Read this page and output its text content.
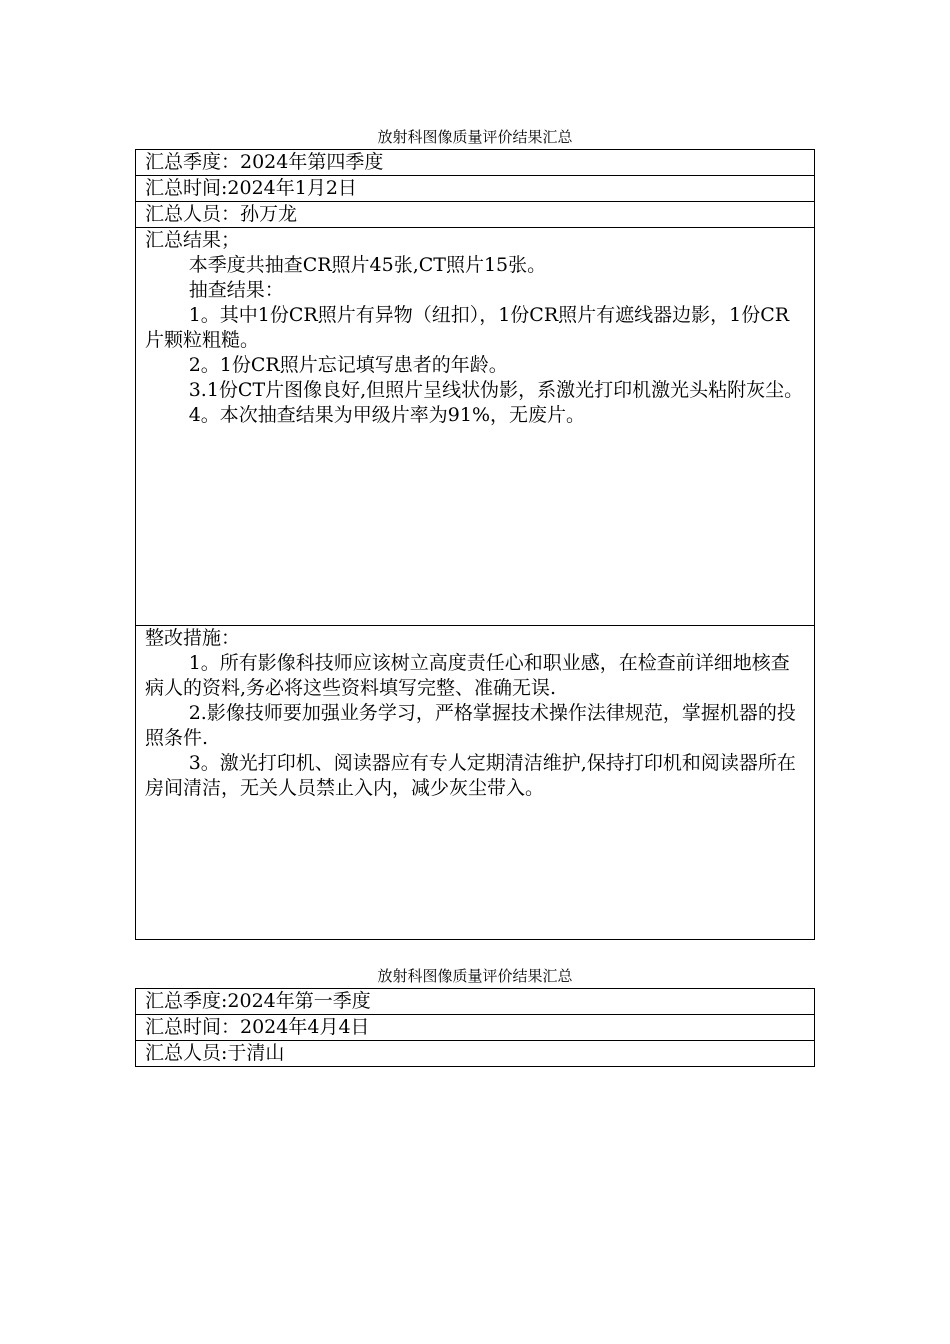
放射科图像质量评价结果汇总
汇总季度：2024年第四季度
汇总时间:2024年1月2日
汇总人员：孙万龙

汇总结果；

本季度共抽查CR照片45张,CT照片15张。

抽查结果：

1。其中1份CR照片有异物（纽扣），1份CR照片有遮线器边影，1份CR片颗粒粗糙。

2。1份CR照片忘记填写患者的年龄。

3.1份CT片图像良好,但照片呈线状伪影，系激光打印机激光头粘附灰尘。

4。本次抽查结果为甲级片率为91%，无废片。

整改措施：

1。所有影像科技师应该树立高度责任心和职业感，在检查前详细地核查病人的资料,务必将这些资料填写完整、准确无误.

2.影像技师要加强业务学习，严格掌握技术操作法律规范，掌握机器的投照条件.

3。激光打印机、阅读器应有专人定期清洁维护,保持打印机和阅读器所在房间清洁，无关人员禁止入内，减少灰尘带入。

放射科图像质量评价结果汇总
汇总季度:2024年第一季度
汇总时间：2024年4月4日
汇总人员:于清山
